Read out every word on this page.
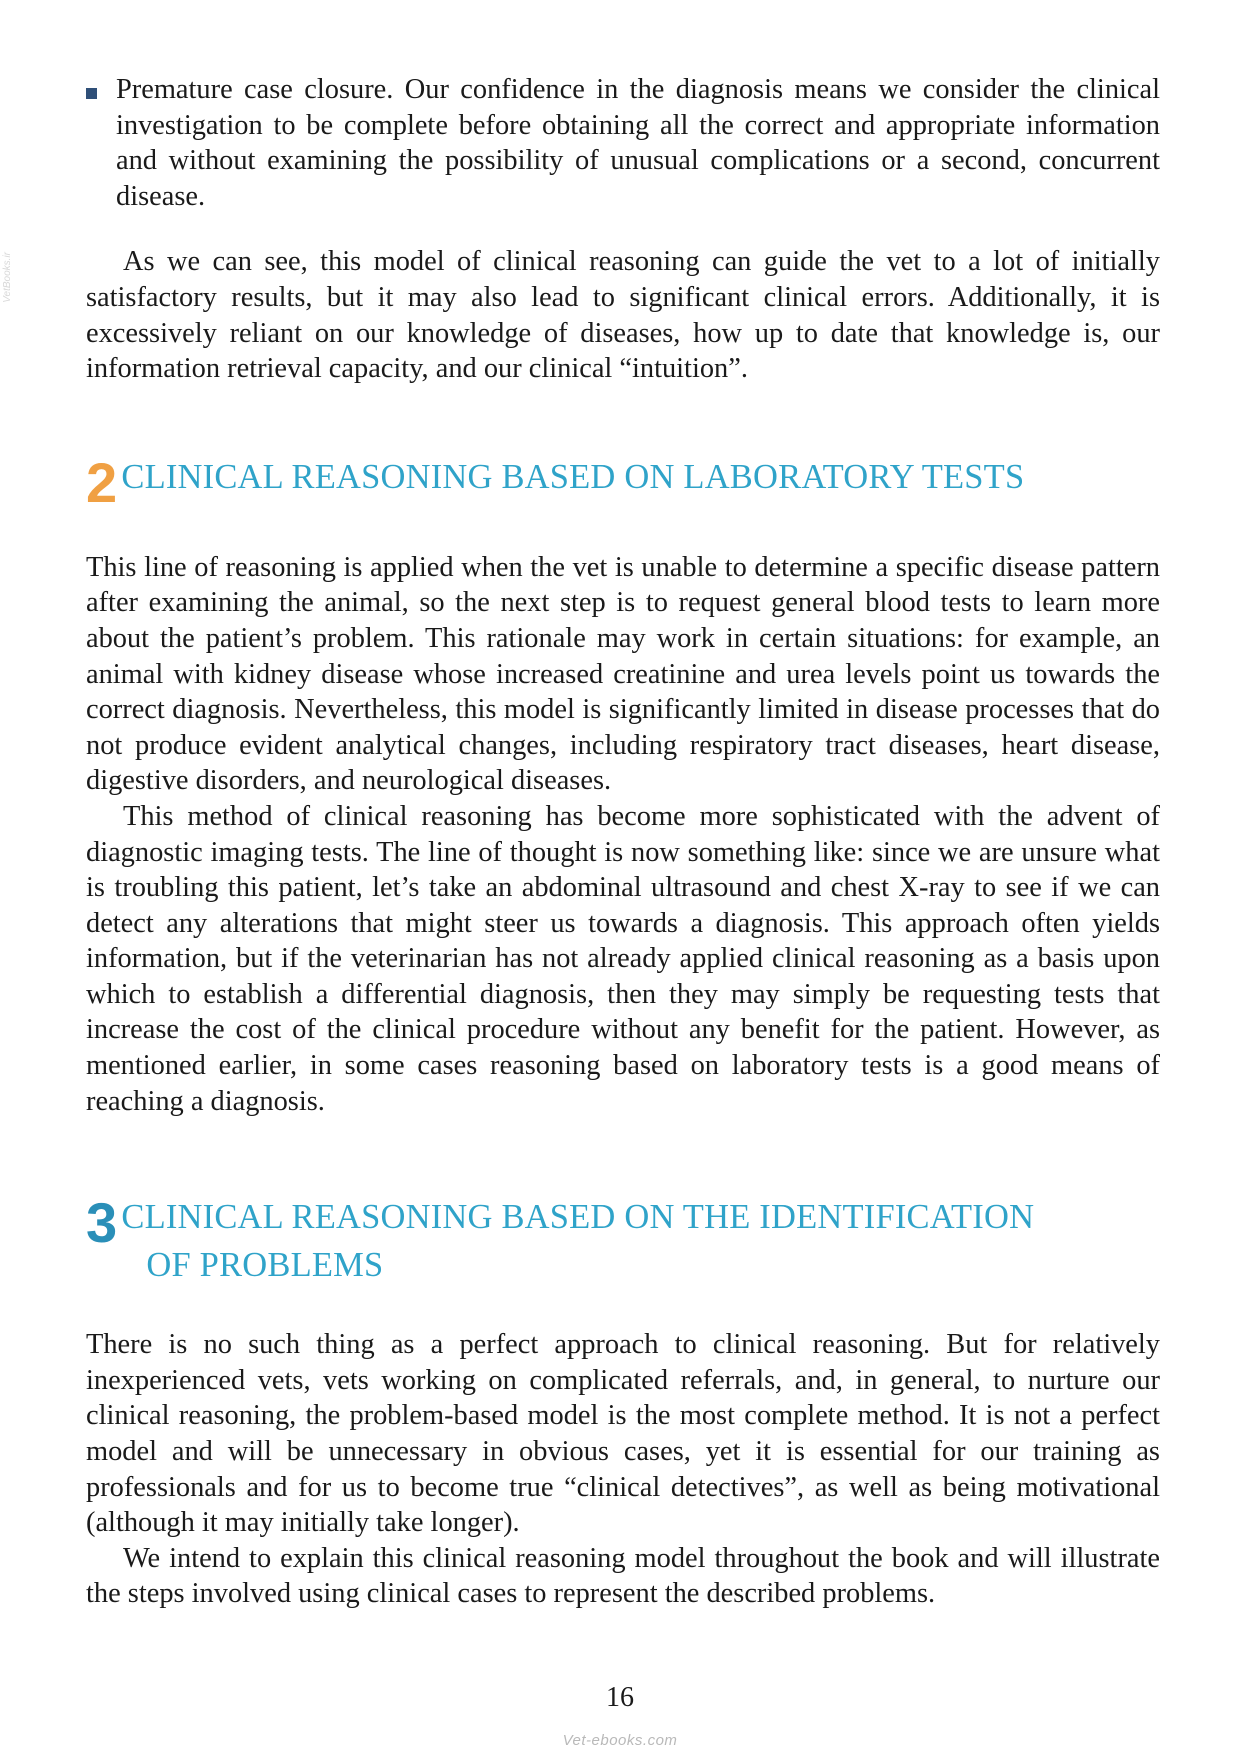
VetBooks.ir

Premature case closure. Our confidence in the diagnosis means we consider the clinical investigation to be complete before obtaining all the correct and appropriate information and without examining the possibility of unusual complications or a second, concurrent disease.

As we can see, this model of clinical reasoning can guide the vet to a lot of initially satisfactory results, but it may also lead to significant clinical errors. Additionally, it is excessively reliant on our knowledge of diseases, how up to date that knowledge is, our information retrieval capacity, and our clinical “intuition”.

2 CLINICAL REASONING BASED ON LABORATORY TESTS

This line of reasoning is applied when the vet is unable to determine a specific disease pattern after examining the animal, so the next step is to request general blood tests to learn more about the patient’s problem. This rationale may work in certain situations: for example, an animal with kidney disease whose increased creatinine and urea levels point us towards the correct diagnosis. Nevertheless, this model is significantly limited in disease processes that do not produce evident analytical changes, including respiratory tract diseases, heart disease, digestive disorders, and neurological diseases.

This method of clinical reasoning has become more sophisticated with the advent of diagnostic imaging tests. The line of thought is now something like: since we are unsure what is troubling this patient, let’s take an abdominal ultrasound and chest X-ray to see if we can detect any alterations that might steer us towards a diagnosis. This approach often yields information, but if the veterinarian has not already applied clinical reasoning as a basis upon which to establish a differential diagnosis, then they may simply be requesting tests that increase the cost of the clinical procedure without any benefit for the patient. However, as mentioned earlier, in some cases reasoning based on laboratory tests is a good means of reaching a diagnosis.

3 CLINICAL REASONING BASED ON THE IDENTIFICATION
OF PROBLEMS

There is no such thing as a perfect approach to clinical reasoning. But for relatively inexperienced vets, vets working on complicated referrals, and, in general, to nurture our clinical reasoning, the problem-based model is the most complete method. It is not a perfect model and will be unnecessary in obvious cases, yet it is essential for our training as professionals and for us to become true “clinical detectives”, as well as being motivational (although it may initially take longer).

We intend to explain this clinical reasoning model throughout the book and will illustrate the steps involved using clinical cases to represent the described problems.

16
Vet-ebooks.com
